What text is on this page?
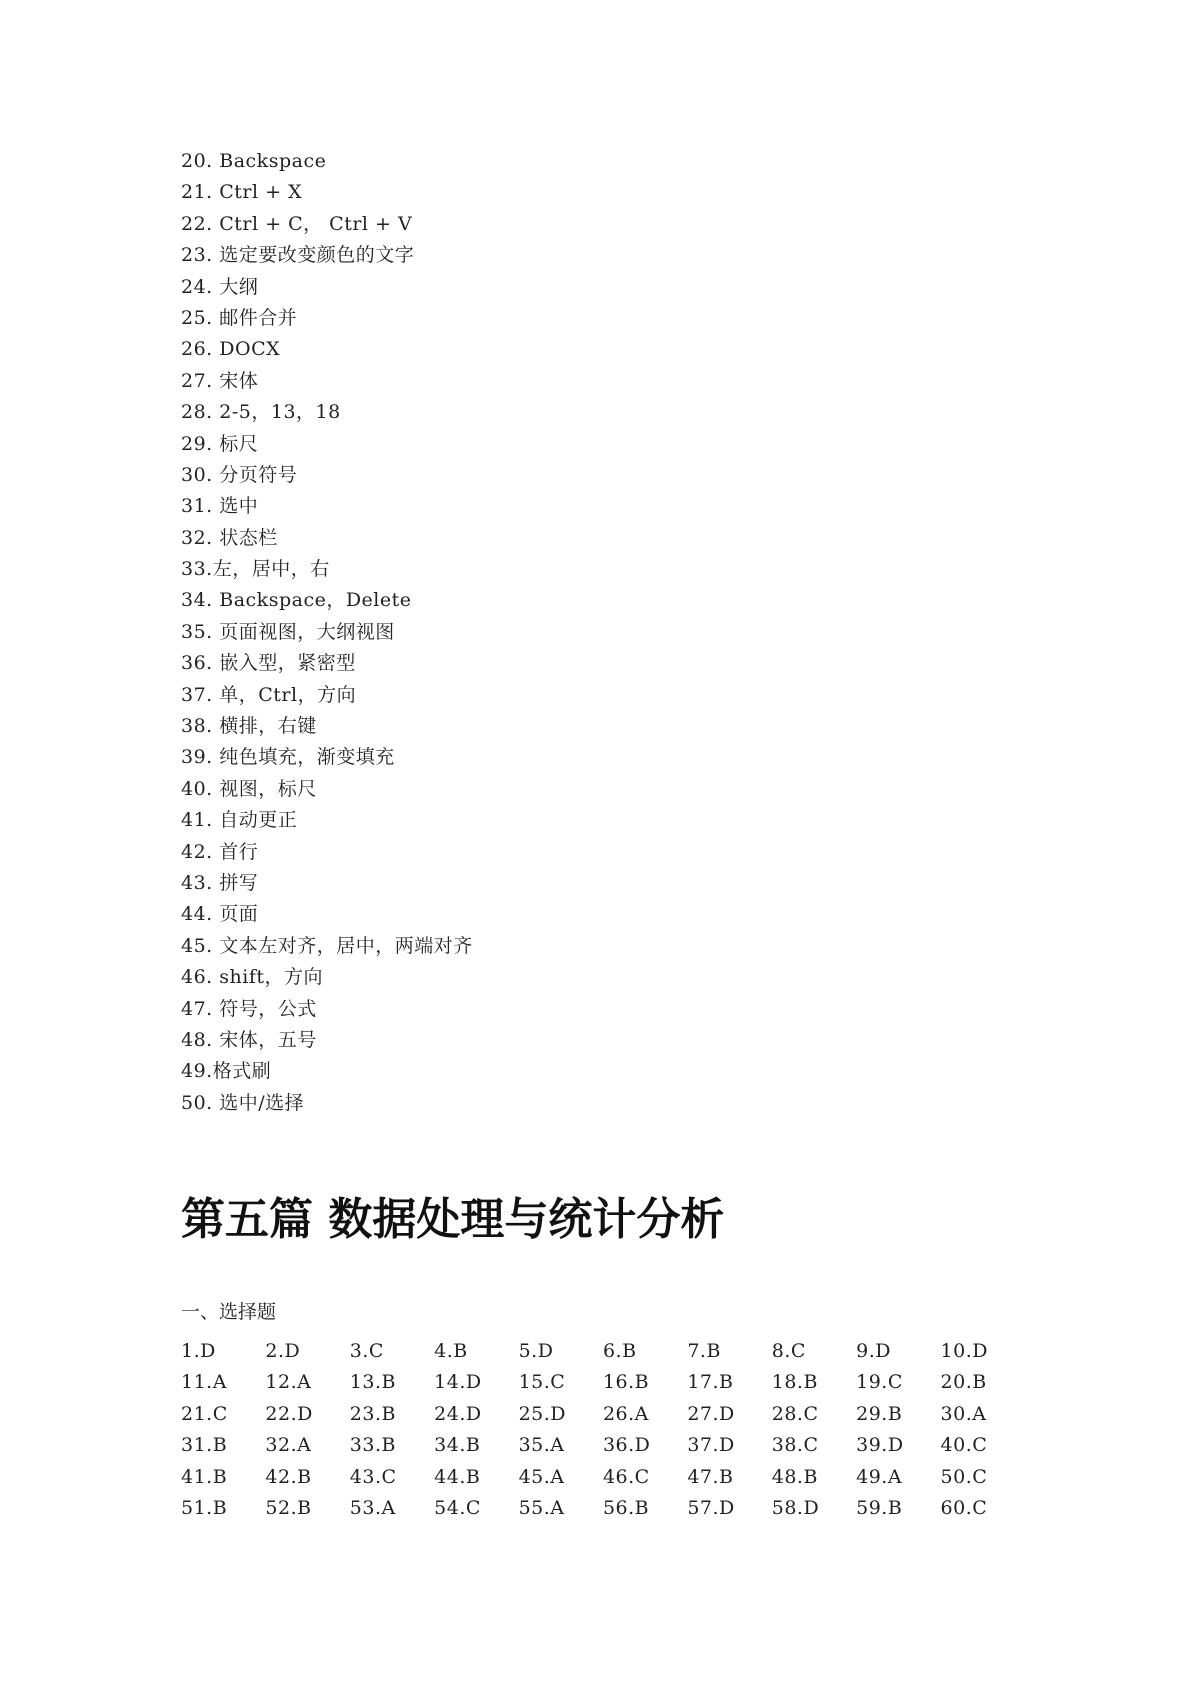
20. Backspace
21. Ctrl + X
22. Ctrl + C， Ctrl + V
23. 选定要改变颜色的文字
24. 大纲
25. 邮件合并
26. DOCX
27. 宋体
28. 2-5，13，18
29. 标尺
30. 分页符号
31. 选中
32. 状态栏
33.左，居中，右
34. Backspace，Delete
35. 页面视图，大纲视图
36. 嵌入型，紧密型
37. 单，Ctrl，方向
38. 横排，右键
39. 纯色填充，渐变填充
40. 视图，标尺
41. 自动更正
42. 首行
43. 拼写
44. 页面
45. 文本左对齐，居中，两端对齐
46. shift，方向
47. 符号，公式
48. 宋体，五号
49.格式刷
50. 选中/选择
第五篇 数据处理与统计分析
一、选择题
1.D	2.D	3.C	4.B	5.D	6.B	7.B	8.C	9.D	10.D
11.A	12.A	13.B	14.D	15.C	16.B	17.B	18.B	19.C	20.B
21.C	22.D	23.B	24.D	25.D	26.A	27.D	28.C	29.B	30.A
31.B	32.A	33.B	34.B	35.A	36.D	37.D	38.C	39.D	40.C
41.B	42.B	43.C	44.B	45.A	46.C	47.B	48.B	49.A	50.C
51.B	52.B	53.A	54.C	55.A	56.B	57.D	58.D	59.B	60.C
